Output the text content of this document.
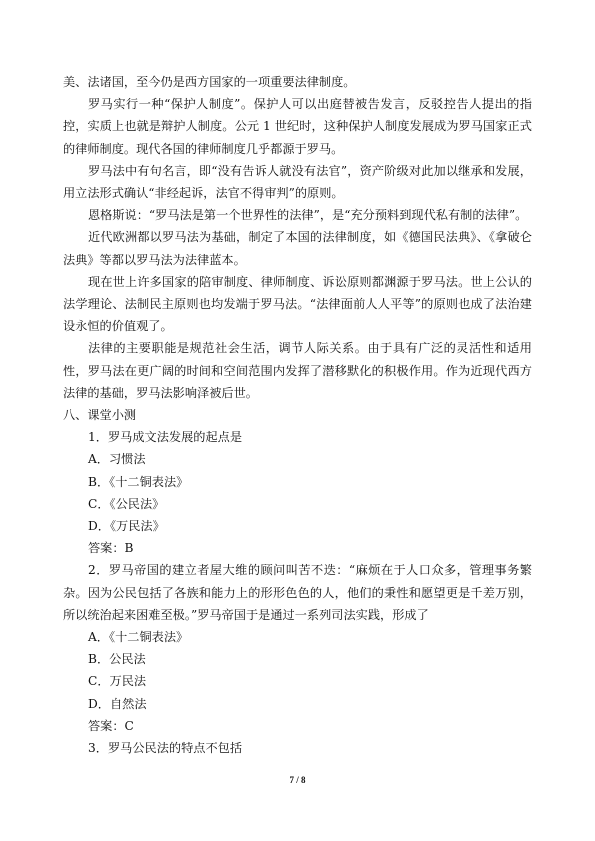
美、法诸国，至今仍是西方国家的一项重要法律制度。

罗马实行一种“保护人制度”。保护人可以出庭替被告发言，反驳控告人提出的指控，实质上也就是辩护人制度。公元 1 世纪时，这种保护人制度发展成为罗马国家正式的律师制度。现代各国的律师制度几乎都源于罗马。

罗马法中有句名言，即“没有告诉人就没有法官”，资产阶级对此加以继承和发展，用立法形式确认“非经起诉，法官不得审判”的原则。

恩格斯说：“罗马法是第一个世界性的法律”，是“充分预料到现代私有制的法律”。

近代欧洲都以罗马法为基础，制定了本国的法律制度，如《德国民法典》、《拿破仑法典》等都以罗马法为法律蓝本。

现在世上许多国家的陪审制度、律师制度、诉讼原则都渊源于罗马法。世上公认的法学理论、法制民主原则也均发端于罗马法。“法律面前人人平等”的原则也成了法治建设永恒的价值观了。

法律的主要职能是规范社会生活，调节人际关系。由于具有广泛的灵活性和适用性，罗马法在更广阔的时间和空间范围内发挥了潜移默化的积极作用。作为近现代西方法律的基础，罗马法影响泽被后世。

八、课堂小测

1．罗马成文法发展的起点是

A．习惯法

B．《十二铜表法》

C．《公民法》

D．《万民法》

答案：B

2．罗马帝国的建立者屋大维的顾问叫苦不迭：“麻烦在于人口众多，管理事务繁杂。因为公民包括了各族和能力上的形形色色的人，他们的秉性和愿望更是千差万别，所以统治起来困难至极。”罗马帝国于是通过一系列司法实践，形成了

A．《十二铜表法》

B．公民法

C．万民法

D．自然法

答案：C

3．罗马公民法的特点不包括

7 / 8
